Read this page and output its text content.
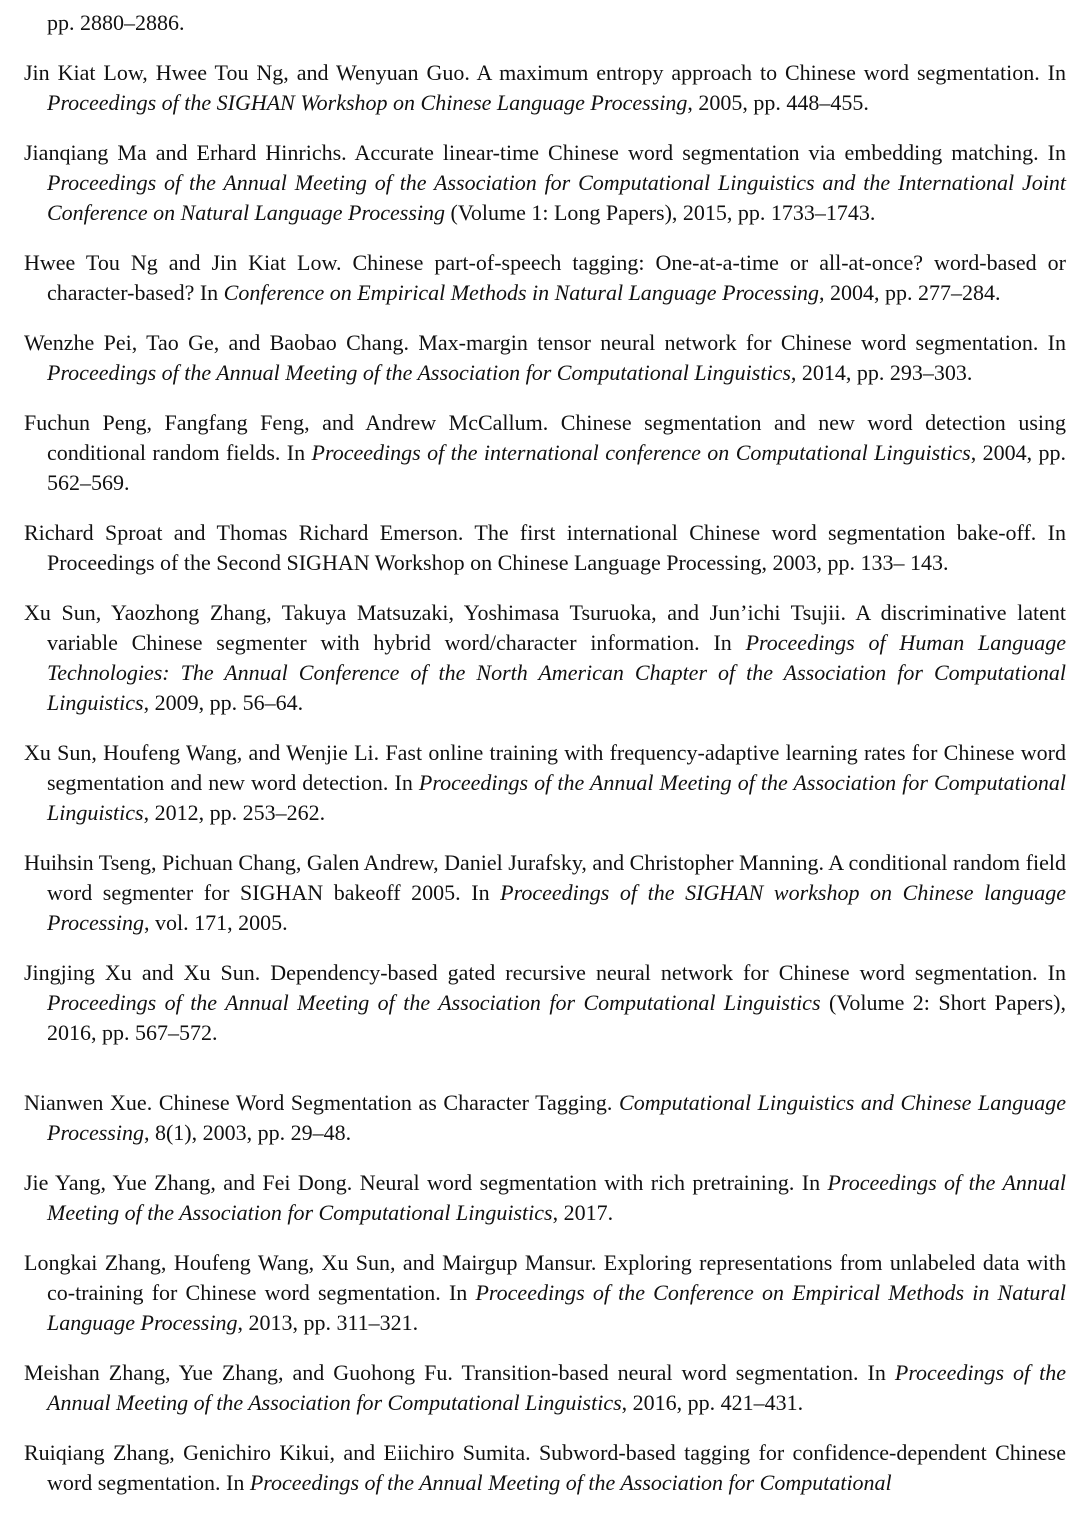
pp. 2880–2886.

Jin Kiat Low, Hwee Tou Ng, and Wenyuan Guo. A maximum entropy approach to Chinese word segmentation. In Proceedings of the SIGHAN Workshop on Chinese Language Processing, 2005, pp. 448–455.

Jianqiang Ma and Erhard Hinrichs. Accurate linear-time Chinese word segmentation via embedding matching. In Proceedings of the Annual Meeting of the Association for Computational Linguistics and the International Joint Conference on Natural Language Processing (Volume 1: Long Papers), 2015, pp. 1733–1743.

Hwee Tou Ng and Jin Kiat Low. Chinese part-of-speech tagging: One-at-a-time or all-at-once? word-based or character-based? In Conference on Empirical Methods in Natural Language Processing, 2004, pp. 277–284.

Wenzhe Pei, Tao Ge, and Baobao Chang. Max-margin tensor neural network for Chinese word segmentation. In Proceedings of the Annual Meeting of the Association for Computational Linguistics, 2014, pp. 293–303.

Fuchun Peng, Fangfang Feng, and Andrew McCallum. Chinese segmentation and new word detection using conditional random fields. In Proceedings of the international conference on Computational Linguistics, 2004, pp. 562–569.

Richard Sproat and Thomas Richard Emerson. The first international Chinese word segmentation bake-off. In Proceedings of the Second SIGHAN Workshop on Chinese Language Processing, 2003, pp. 133– 143.

Xu Sun, Yaozhong Zhang, Takuya Matsuzaki, Yoshimasa Tsuruoka, and Jun’ichi Tsujii. A discriminative latent variable Chinese segmenter with hybrid word/character information. In Proceedings of Human Language Technologies: The Annual Conference of the North American Chapter of the Association for Computational Linguistics, 2009, pp. 56–64.

Xu Sun, Houfeng Wang, and Wenjie Li. Fast online training with frequency-adaptive learning rates for Chinese word segmentation and new word detection. In Proceedings of the Annual Meeting of the Association for Computational Linguistics, 2012, pp. 253–262.

Huihsin Tseng, Pichuan Chang, Galen Andrew, Daniel Jurafsky, and Christopher Manning. A conditional random field word segmenter for SIGHAN bakeoff 2005. In Proceedings of the SIGHAN workshop on Chinese language Processing, vol. 171, 2005.

Jingjing Xu and Xu Sun. Dependency-based gated recursive neural network for Chinese word segmentation. In Proceedings of the Annual Meeting of the Association for Computational Linguistics (Volume 2: Short Papers), 2016, pp. 567–572.

Nianwen Xue. Chinese Word Segmentation as Character Tagging. Computational Linguistics and Chinese Language Processing, 8(1), 2003, pp. 29–48.

Jie Yang, Yue Zhang, and Fei Dong. Neural word segmentation with rich pretraining. In Proceedings of the Annual Meeting of the Association for Computational Linguistics, 2017.

Longkai Zhang, Houfeng Wang, Xu Sun, and Mairgup Mansur. Exploring representations from unlabeled data with co-training for Chinese word segmentation. In Proceedings of the Conference on Empirical Methods in Natural Language Processing, 2013, pp. 311–321.

Meishan Zhang, Yue Zhang, and Guohong Fu. Transition-based neural word segmentation. In Proceedings of the Annual Meeting of the Association for Computational Linguistics, 2016, pp. 421–431.

Ruiqiang Zhang, Genichiro Kikui, and Eiichiro Sumita. Subword-based tagging for confidence-dependent Chinese word segmentation. In Proceedings of the Annual Meeting of the Association for Computational
